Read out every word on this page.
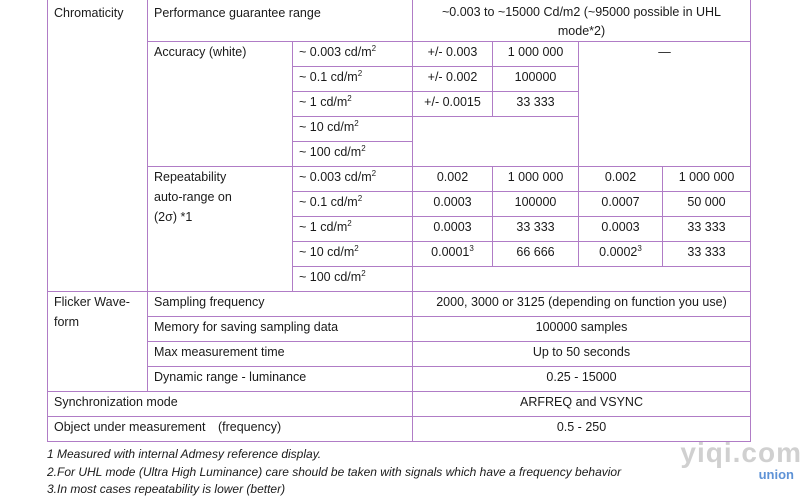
Chromaticity	Performance guarantee range		~0.003 to ~15000 Cd/m2 (~95000 possible in UHL
mode*2)			
	Accuracy (white)	~ 0.003 $cd/m^2$	+/- 0.003	1 000 000	—	
		~ 0.1 $cd/m^2$	+/- 0.002	100000		
		~ 1 $cd/m^2$	+/- 0.0015	33 333		
		~ 10 $cd/m^2$	
		~ 100 $cd/m^2$	
	Repeatability
auto-range on
(2σ) *1	~ 0.003 $cd/m^2$	0.002	1 000 000	0.002	1 000 000
		~ 0.1 $cd/m^2$	0.0003	100000	0.0007	50 000
		~ 1 $cd/m^2$	0.0003	33 333	0.0003	33 333
		~ 10 $cd/m^2$	0.0001$^3$	66 666	0.0002$^3$	33 333
		~ 100 $cd/m^2$				
Flicker Wave-
form	Sampling frequency		2000, 3000 or 3125 (depending on function you use)			
	Memory for saving sampling data		100000 samples			
	Max measurement time		Up to 50 seconds			
	Dynamic range - luminance		0.25 - 15000			
Synchronization mode			ARFREQ and VSYNC			
Object under measurement　(frequency)			0.5 - 250			
1 Measured with internal Admesy reference display.
2.For UHL mode (Ultra High Luminance) care should be taken with signals which have a frequency behavior
3.In most cases repeatability is lower (better)
yiqi.com
union
